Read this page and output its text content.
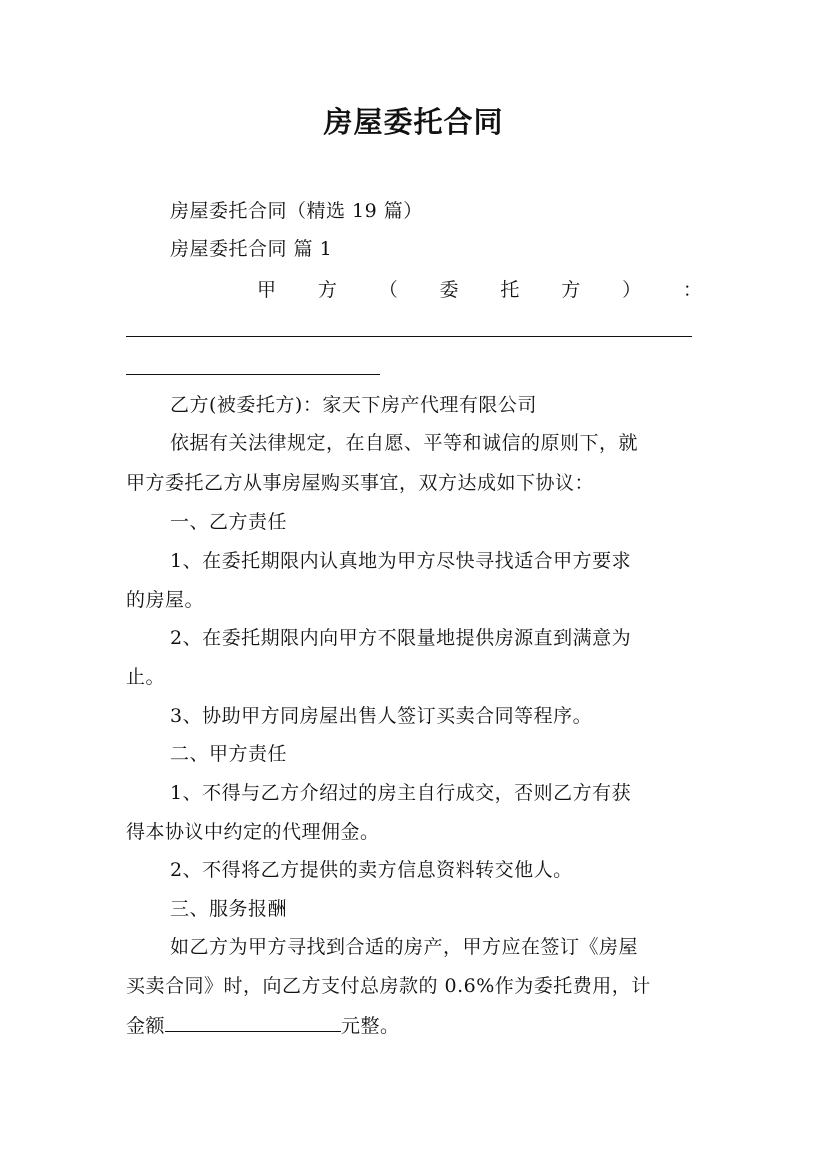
房屋委托合同
房屋委托合同（精选 19 篇）
房屋委托合同 篇 1
甲 方 （ 委 托 方 ） ：
乙方(被委托方)：家天下房产代理有限公司
依据有关法律规定，在自愿、平等和诚信的原则下，就
甲方委托乙方从事房屋购买事宜，双方达成如下协议：
一、乙方责任
1、在委托期限内认真地为甲方尽快寻找适合甲方要求
的房屋。
2、在委托期限内向甲方不限量地提供房源直到满意为
止。
3、协助甲方同房屋出售人签订买卖合同等程序。
二、甲方责任
1、不得与乙方介绍过的房主自行成交，否则乙方有获
得本协议中约定的代理佣金。
2、不得将乙方提供的卖方信息资料转交他人。
三、服务报酬
如乙方为甲方寻找到合适的房产，甲方应在签订《房屋
买卖合同》时，向乙方支付总房款的 0.6%作为委托费用，计
金额	元整。
